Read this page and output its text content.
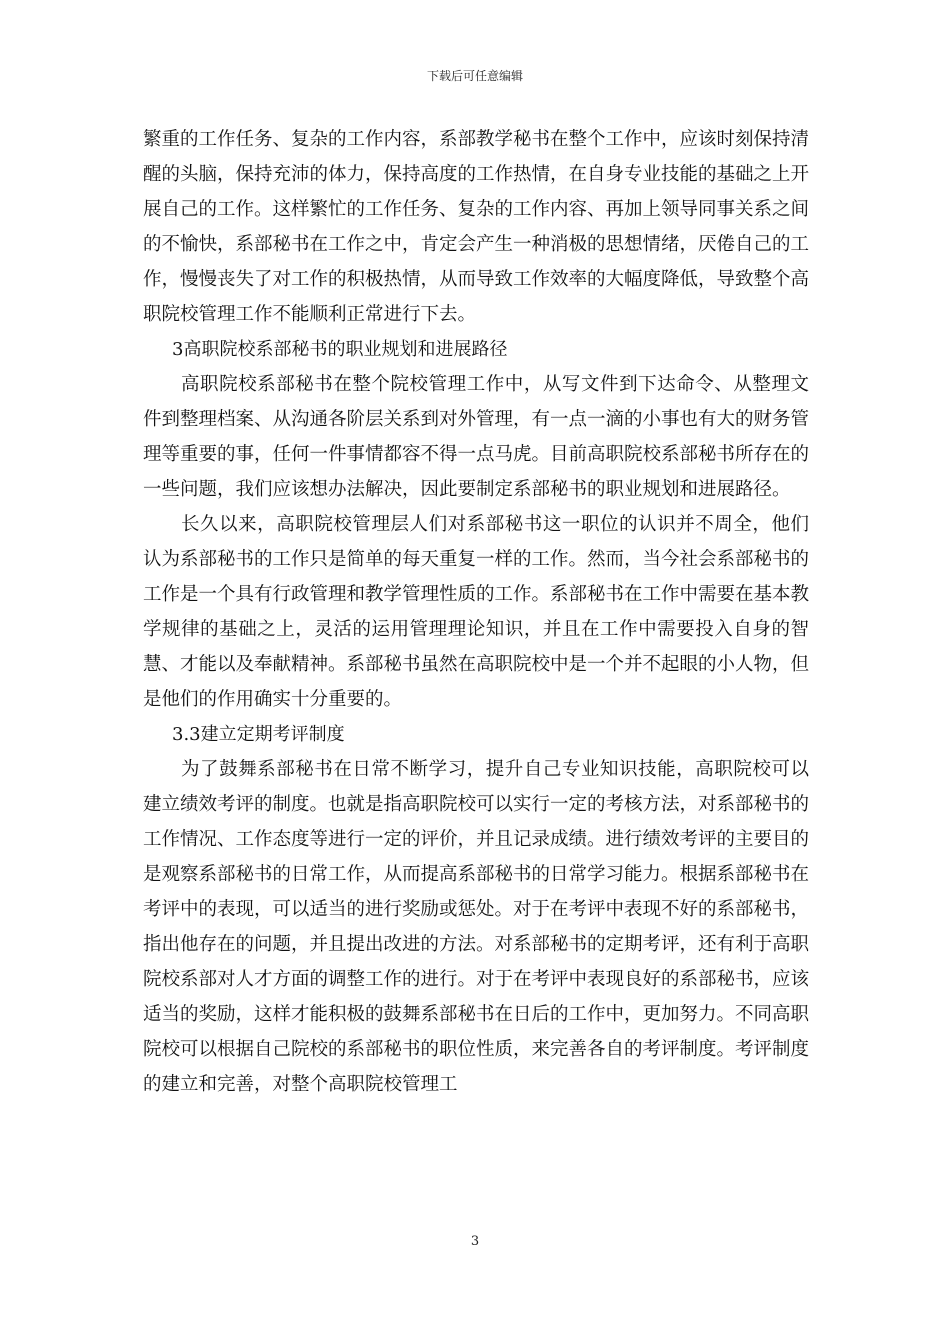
下载后可任意编辑

繁重的工作任务、复杂的工作内容，系部教学秘书在整个工作中，应该时刻保持清醒的头脑，保持充沛的体力，保持高度的工作热情，在自身专业技能的基础之上开展自己的工作。这样繁忙的工作任务、复杂的工作内容、再加上领导同事关系之间的不愉快，系部秘书在工作之中，肯定会产生一种消极的思想情绪，厌倦自己的工作，慢慢丧失了对工作的积极热情，从而导致工作效率的大幅度降低，导致整个高职院校管理工作不能顺利正常进行下去。

3高职院校系部秘书的职业规划和进展路径

高职院校系部秘书在整个院校管理工作中，从写文件到下达命令、从整理文件到整理档案、从沟通各阶层关系到对外管理，有一点一滴的小事也有大的财务管理等重要的事，任何一件事情都容不得一点马虎。目前高职院校系部秘书所存在的一些问题，我们应该想办法解决，因此要制定系部秘书的职业规划和进展路径。

长久以来，高职院校管理层人们对系部秘书这一职位的认识并不周全，他们认为系部秘书的工作只是简单的每天重复一样的工作。然而，当今社会系部秘书的工作是一个具有行政管理和教学管理性质的工作。系部秘书在工作中需要在基本教学规律的基础之上，灵活的运用管理理论知识，并且在工作中需要投入自身的智慧、才能以及奉献精神。系部秘书虽然在高职院校中是一个并不起眼的小人物，但是他们的作用确实十分重要的。

3.3建立定期考评制度

为了鼓舞系部秘书在日常不断学习，提升自己专业知识技能，高职院校可以建立绩效考评的制度。也就是指高职院校可以实行一定的考核方法，对系部秘书的工作情况、工作态度等进行一定的评价，并且记录成绩。进行绩效考评的主要目的是观察系部秘书的日常工作，从而提高系部秘书的日常学习能力。根据系部秘书在考评中的表现，可以适当的进行奖励或惩处。对于在考评中表现不好的系部秘书，指出他存在的问题，并且提出改进的方法。对系部秘书的定期考评，还有利于高职院校系部对人才方面的调整工作的进行。对于在考评中表现良好的系部秘书，应该适当的奖励，这样才能积极的鼓舞系部秘书在日后的工作中，更加努力。不同高职院校可以根据自己院校的系部秘书的职位性质，来完善各自的考评制度。考评制度的建立和完善，对整个高职院校管理工

3
